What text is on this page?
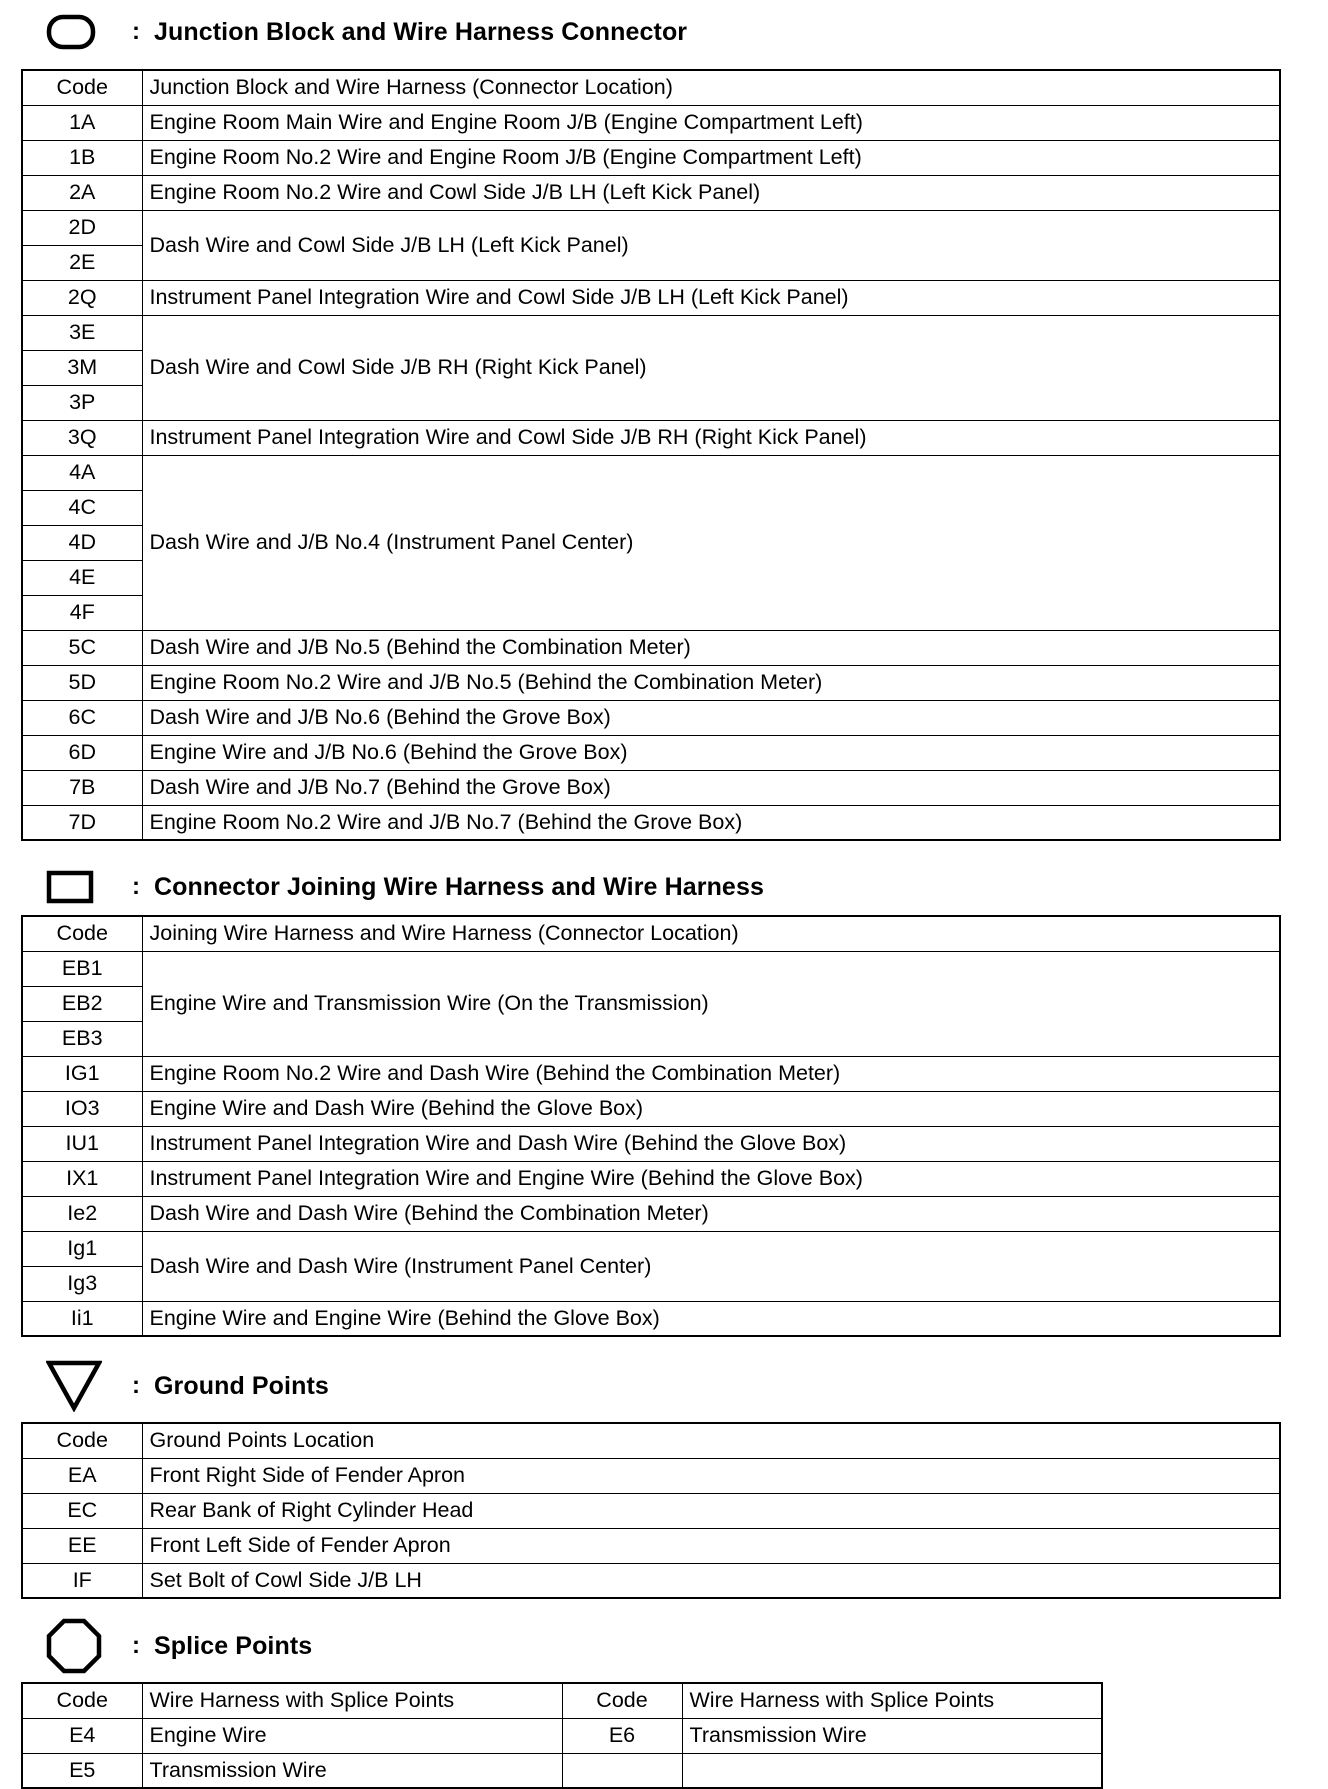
: Junction Block and Wire Harness Connector
Code	Junction Block and Wire Harness (Connector Location)
1A	Engine Room Main Wire and Engine Room J/B (Engine Compartment Left)
1B	Engine Room No.2 Wire and Engine Room J/B (Engine Compartment Left)
2A	Engine Room No.2 Wire and Cowl Side J/B LH (Left Kick Panel)
2D	Dash Wire and Cowl Side J/B LH (Left Kick Panel)
2E	
2Q	Instrument Panel Integration Wire and Cowl Side J/B LH (Left Kick Panel)
3E	Dash Wire and Cowl Side J/B RH (Right Kick Panel)
3M	
3P	
3Q	Instrument Panel Integration Wire and Cowl Side J/B RH (Right Kick Panel)
4A	Dash Wire and J/B No.4 (Instrument Panel Center)
4C	
4D	
4E	
4F	
5C	Dash Wire and J/B No.5 (Behind the Combination Meter)
5D	Engine Room No.2 Wire and J/B No.5 (Behind the Combination Meter)
6C	Dash Wire and J/B No.6 (Behind the Grove Box)
6D	Engine Wire and J/B No.6 (Behind the Grove Box)
7B	Dash Wire and J/B No.7 (Behind the Grove Box)
7D	Engine Room No.2 Wire and J/B No.7 (Behind the Grove Box)
: Connector Joining Wire Harness and Wire Harness
Code	Joining Wire Harness and Wire Harness (Connector Location)
EB1	Engine Wire and Transmission Wire (On the Transmission)
EB2	
EB3	
IG1	Engine Room No.2 Wire and Dash Wire (Behind the Combination Meter)
IO3	Engine Wire and Dash Wire (Behind the Glove Box)
IU1	Instrument Panel Integration Wire and Dash Wire (Behind the Glove Box)
IX1	Instrument Panel Integration Wire and Engine Wire (Behind the Glove Box)
Ie2	Dash Wire and Dash Wire (Behind the Combination Meter)
Ig1	Dash Wire and Dash Wire (Instrument Panel Center)
Ig3	
Ii1	Engine Wire and Engine Wire (Behind the Glove Box)
: Ground Points
Code	Ground Points Location
EA	Front Right Side of Fender Apron
EC	Rear Bank of Right Cylinder Head
EE	Front Left Side of Fender Apron
IF	Set Bolt of Cowl Side J/B LH
: Splice Points
Code	Wire Harness with Splice Points	Code	Wire Harness with Splice Points
E4	Engine Wire	E6	Transmission Wire
E5	Transmission Wire		
